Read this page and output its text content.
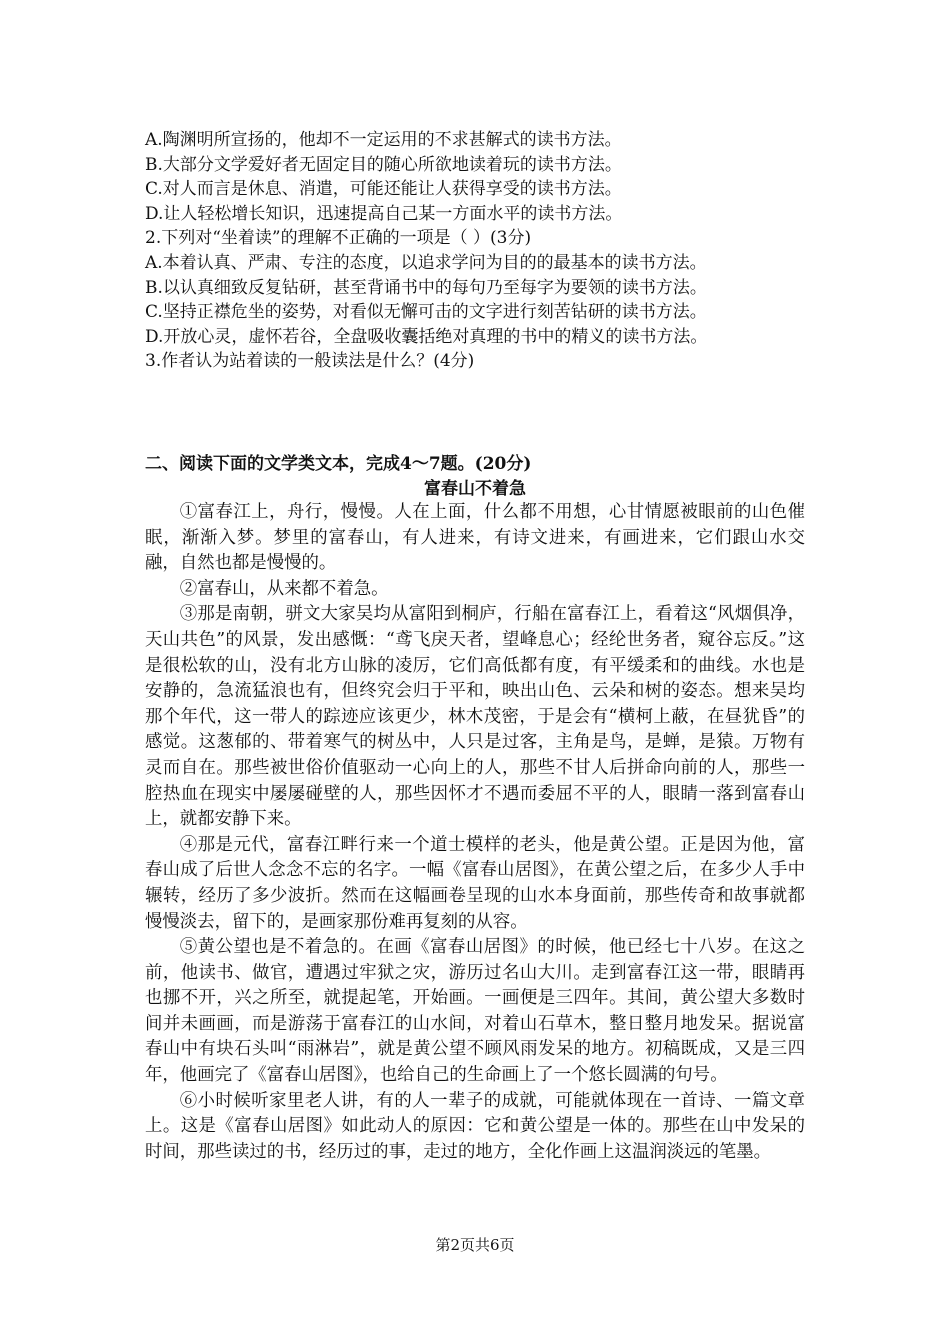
A.陶渊明所宣扬的，他却不一定运用的不求甚解式的读书方法。
B.大部分文学爱好者无固定目的随心所欲地读着玩的读书方法。
C.对人而言是休息、消遣，可能还能让人获得享受的读书方法。
D.让人轻松增长知识，迅速提高自己某一方面水平的读书方法。
2.下列对“坐着读”的理解不正确的一项是（ ）(3分)
A.本着认真、严肃、专注的态度，以追求学问为目的的最基本的读书方法。
B.以认真细致反复钻研，甚至背诵书中的每句乃至每字为要领的读书方法。
C.坚持正襟危坐的姿势，对看似无懈可击的文字进行刻苦钻研的读书方法。
D.开放心灵，虚怀若谷，全盘吸收囊括绝对真理的书中的精义的读书方法。
3.作者认为站着读的一般读法是什么？(4分)
二、阅读下面的文学类文本，完成4～7题。(20分)
富春山不着急

①富春江上，舟行，慢慢。人在上面，什么都不用想，心甘情愿被眼前的山色催眠，渐渐入梦。梦里的富春山，有人进来，有诗文进来，有画进来，它们跟山水交融，自然也都是慢慢的。

②富春山，从来都不着急。

③那是南朝，骈文大家吴均从富阳到桐庐，行船在富春江上，看着这“风烟俱净，天山共色”的风景，发出感慨：“鸢飞戾天者，望峰息心；经纶世务者，窥谷忘反。”这是很松软的山，没有北方山脉的凌厉，它们高低都有度，有平缓柔和的曲线。水也是安静的，急流猛浪也有，但终究会归于平和，映出山色、云朵和树的姿态。想来吴均那个年代，这一带人的踪迹应该更少，林木茂密，于是会有“横柯上蔽，在昼犹昏”的感觉。这葱郁的、带着寒气的树丛中，人只是过客，主角是鸟，是蝉，是猿。万物有灵而自在。那些被世俗价值驱动一心向上的人，那些不甘人后拼命向前的人，那些一腔热血在现实中屡屡碰壁的人，那些因怀才不遇而委屈不平的人，眼睛一落到富春山上，就都安静下来。

④那是元代，富春江畔行来一个道士模样的老头，他是黄公望。正是因为他，富春山成了后世人念念不忘的名字。一幅《富春山居图》，在黄公望之后，在多少人手中辗转，经历了多少波折。然而在这幅画卷呈现的山水本身面前，那些传奇和故事就都慢慢淡去，留下的，是画家那份难再复刻的从容。

⑤黄公望也是不着急的。在画《富春山居图》的时候，他已经七十八岁。在这之前，他读书、做官，遭遇过牢狱之灾，游历过名山大川。走到富春江这一带，眼睛再也挪不开，兴之所至，就提起笔，开始画。一画便是三四年。其间，黄公望大多数时间并未画画，而是游荡于富春江的山水间，对着山石草木，整日整月地发呆。据说富春山中有块石头叫“雨淋岩”，就是黄公望不顾风雨发呆的地方。初稿既成，又是三四年，他画完了《富春山居图》，也给自己的生命画上了一个悠长圆满的句号。

⑥小时候听家里老人讲，有的人一辈子的成就，可能就体现在一首诗、一篇文章上。这是《富春山居图》如此动人的原因：它和黄公望是一体的。那些在山中发呆的时间，那些读过的书，经历过的事，走过的地方，全化作画上这温润淡远的笔墨。

第2页共6页
